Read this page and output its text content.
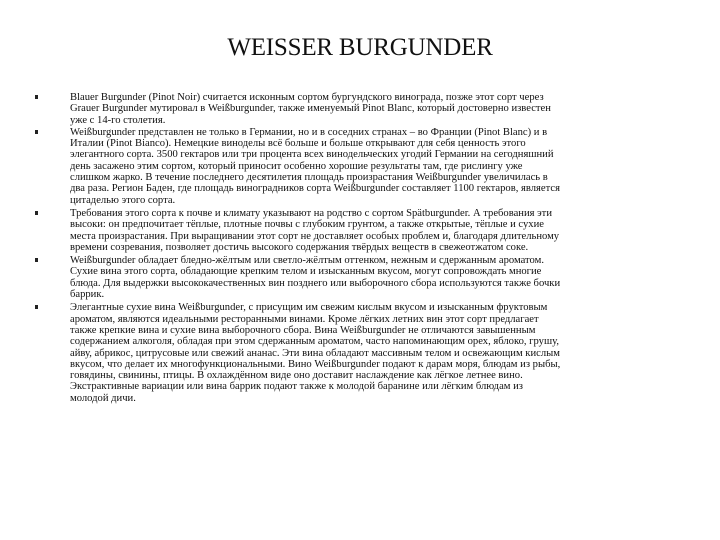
WEISSER BURGUNDER
Blauer Burgunder (Pinot Noir) считается исконным сортом бургундского винограда, позже этот сорт через
Grauer Burgunder мутировал в Weißburgunder, также именуемый Pinot Blanc, который достоверно известен
уже с 14-го столетия.
Weißburgunder представлен не только в Германии, но и в соседних странах – во Франции (Pinot Blanc) и в
Италии (Pinot Bianco). Немецкие виноделы всё больше и больше открывают для себя ценность этого
элегантного сорта. 3500 гектаров или три процента всех винодельческих угодий Германии на сегодняшний
день засажено этим сортом, который приносит особенно хорошие результаты там, где рислингу уже
слишком жарко. В течение последнего десятилетия площадь произрастания Weißburgunder увеличилась в
два раза. Регион Баден, где площадь виноградников сорта Weißburgunder составляет 1100 гектаров, является
цитаделью этого сорта.
Требования этого сорта к почве и климату указывают на родство с сортом Spätburgunder. А требования эти
высоки: он предпочитает тёплые, плотные почвы с глубоким грунтом, а также открытые, тёплые и сухие
места произрастания. При выращивании этот сорт не доставляет особых проблем и, благодаря длительному
времени созревания, позволяет достичь высокого содержания твёрдых веществ в свежеотжатом соке.
Weißburgunder обладает бледно-жёлтым или светло-жёлтым оттенком, нежным и сдержанным ароматом.
Сухие вина этого сорта, обладающие крепким телом и изысканным вкусом, могут сопровождать многие
блюда. Для выдержки высококачественных вин позднего или выборочного сбора используются также бочки
баррик.
Элегантные сухие вина Weißburgunder, с присущим им свежим кислым вкусом и изысканным фруктовым
ароматом, являются идеальными ресторанными винами. Кроме лёгких летних вин этот сорт предлагает
также крепкие вина и сухие вина выборочного сбора. Вина Weißburgunder не отличаются завышенным
содержанием алкоголя, обладая при этом сдержанным ароматом, часто напоминающим орех, яблоко, грушу,
айву, абрикос, цитрусовые или свежий ананас. Эти вина обладают массивным телом и освежающим кислым
вкусом, что делает их многофункциональными. Вино Weißburgunder подают к дарам моря, блюдам из рыбы,
говядины, свинины, птицы. В охлаждённом виде оно доставит наслаждение как лёгкое летнее вино.
Экстрактивные вариации или вина баррик подают также к молодой баранине или лёгким блюдам из
молодой дичи.
